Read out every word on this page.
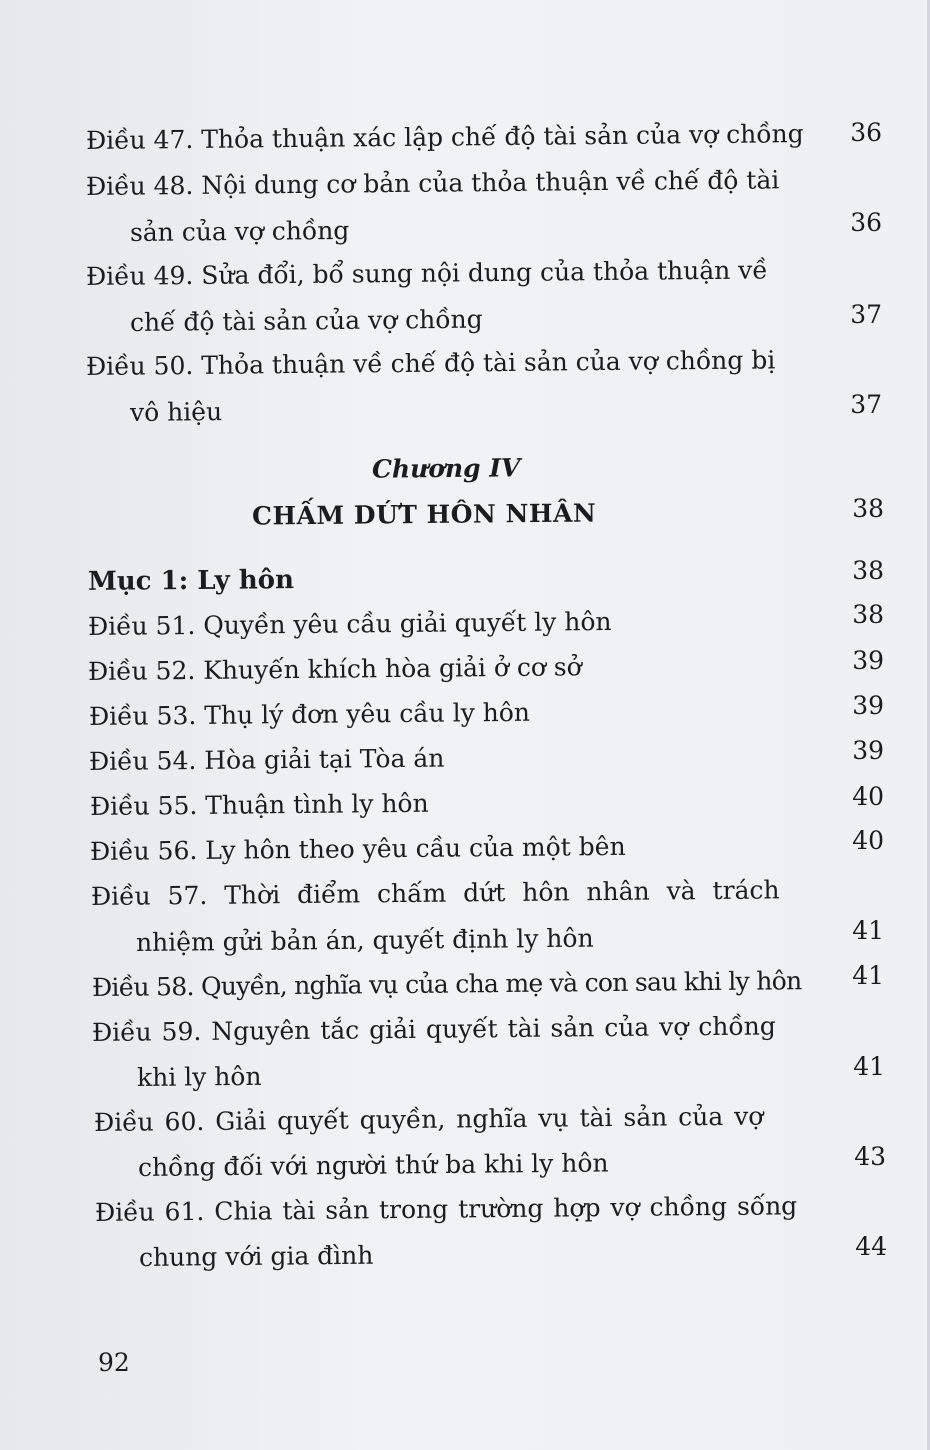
Điều 47. Thỏa thuận xác lập chế độ tài sản của vợ chồng	36
Điều 48. Nội dung cơ bản của thỏa thuận về chế độ tài
sản của vợ chồng	36
Điều 49. Sửa đổi, bổ sung nội dung của thỏa thuận về
chế độ tài sản của vợ chồng	37
Điều 50. Thỏa thuận về chế độ tài sản của vợ chồng bị
vô hiệu	37
Chương IV
CHẤM DỨT HÔN NHÂN	38
Mục 1: Ly hôn	38
Điều 51. Quyền yêu cầu giải quyết ly hôn	38
Điều 52. Khuyến khích hòa giải ở cơ sở	39
Điều 53. Thụ lý đơn yêu cầu ly hôn	39
Điều 54. Hòa giải tại Tòa án	39
Điều 55. Thuận tình ly hôn	40
Điều 56. Ly hôn theo yêu cầu của một bên	40
Điều 57. Thời điểm chấm dứt hôn nhân và trách
nhiệm gửi bản án, quyết định ly hôn	41
Điều 58. Quyền, nghĩa vụ của cha mẹ và con sau khi ly hôn	41
Điều 59. Nguyên tắc giải quyết tài sản của vợ chồng
khi ly hôn	41
Điều 60. Giải quyết quyền, nghĩa vụ tài sản của vợ
chồng đối với người thứ ba khi ly hôn	43
Điều 61. Chia tài sản trong trường hợp vợ chồng sống
chung với gia đình	44
92
